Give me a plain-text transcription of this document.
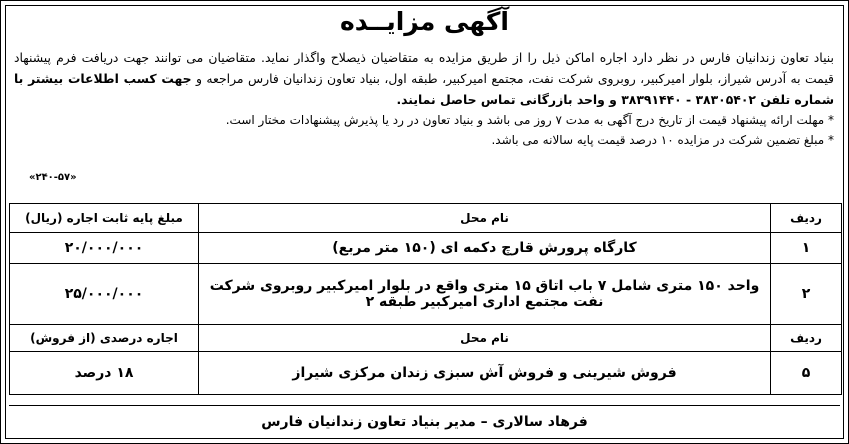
آگهی مزایــده

بنیاد تعاون زندانیان فارس در نظر دارد اجاره اماکن ذیل را از طریق مزایده به متقاضیان ذیصلاح واگذار نماید. متقاضیان می توانند جهت دریافت فرم پیشنهاد قیمت به آدرس شیراز، بلوار امیرکبیر، روبروی شرکت نفت، مجتمع امیرکبیر، طبقه اول، بنیاد تعاون زندانیان فارس مراجعه و جهت کسب اطلاعات بیشتر با شماره تلفن ۳۸۳۰۵۴۰۲ - ۳۸۳۹۱۴۴۰ و واحد بازرگانی تماس حاصل نمایند.

* مهلت ارائه پیشنهاد قیمت از تاریخ درج آگهی به مدت ۷ روز می باشد و بنیاد تعاون در رد یا پذیرش پیشنهادات مختار است.

* مبلغ تضمین شرکت در مزایده ۱۰ درصد قیمت پایه سالانه می باشد.

«۲۴۰-۵۷»
ردیف	نام محل	مبلغ پایه ثابت اجاره (ریال)
۱	کارگاه پرورش قارچ دکمه ای (۱۵۰ متر مربع)	۲۰/۰۰۰/۰۰۰
۲	واحد ۱۵۰ متری شامل ۷ باب اتاق ۱۵ متری واقع در بلوار امیرکبیر روبروی شرکت نفت مجتمع اداری امیرکبیر طبقه ۲	۲۵/۰۰۰/۰۰۰
ردیف	نام محل	اجاره درصدی (از فروش)
۵	فروش شیرینی و فروش آش سبزی زندان مرکزی شیراز	۱۸ درصد
فرهاد سالاری – مدیر بنیاد تعاون زندانیان فارس
